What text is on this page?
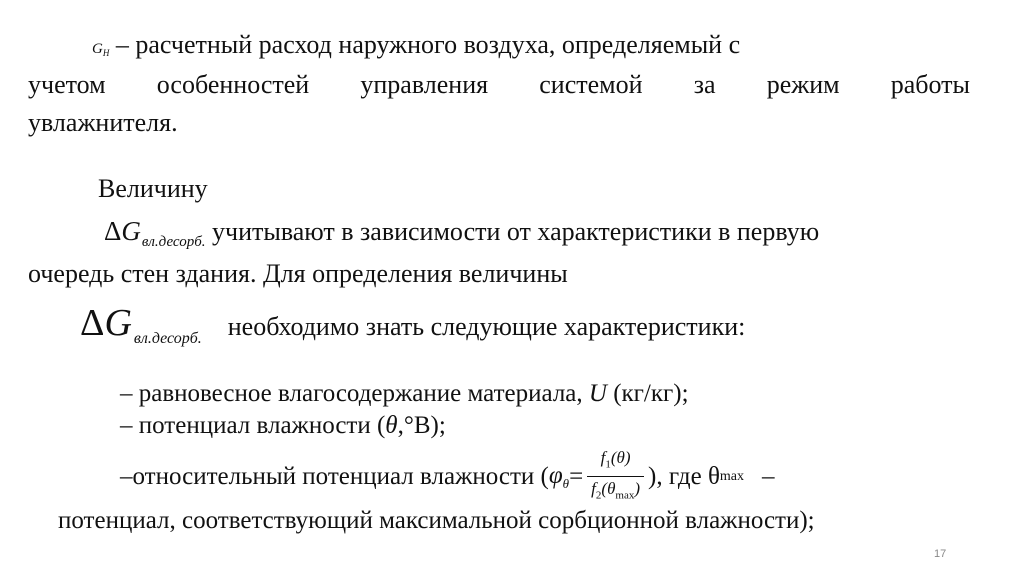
GH – расчетный расход наружного воздуха, определяемый с
учетом особенностей управления системой за режим работы
увлажнителя.
Величину
$\Delta G_{вл.десорб.}$ учитывают в зависимости от характеристики в первую
очередь стен здания. Для определения величины
ΔG $_{вл.десорб.}$ необходимо знать следующие характеристики:
– равновесное влагосодержание материала, U (кг/кг);
– потенциал влажности (θ,°В);
–относительный потенциал влажности ( $\varphi_\theta = \frac{f_1(\theta)}{f_2(\theta_{max})}$ ), где θ max –
потенциал, соответствующий максимальной сорбционной влажности);
17
